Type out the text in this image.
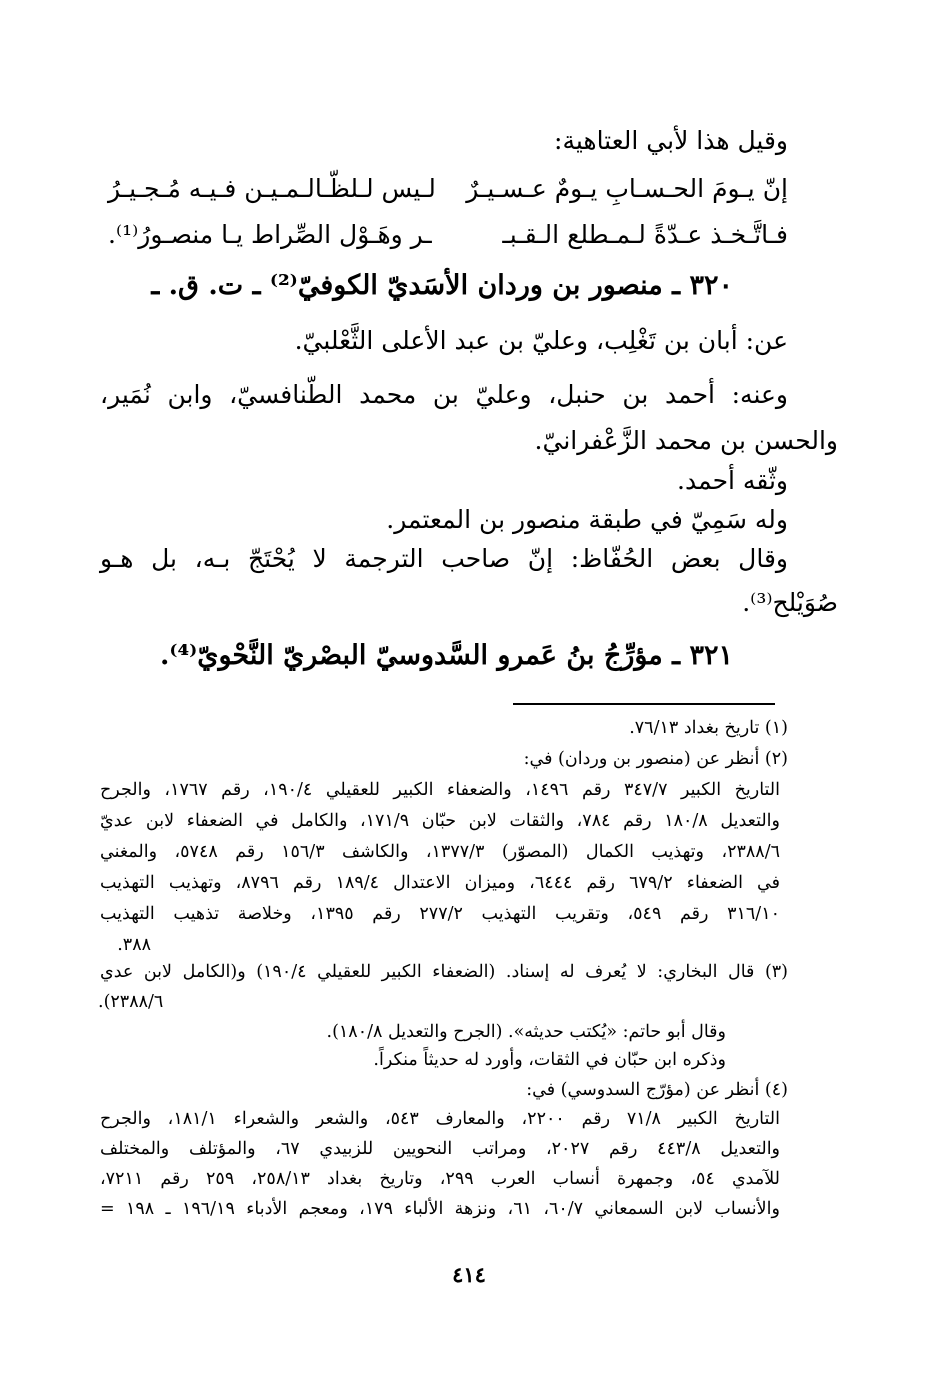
وقيل هذا لأبي العتاهية:
إنّ يـومَ الحـسـابِ يـومٌ عـسـيـرٌ
لـيس لـلظّـالـمـيـن فـيـه مُـجـيـرُ
فـاتَّـخـذ عـدّةً لـمـطلع الـقـبـ
ـر وهَـوْل الصِّراط يـا منصـورُ⁽¹⁾.
٣٢٠ ـ منصور بن وردان الأسَديّ الكوفيّ⁽²⁾ ـ ت. ق. ـ
عن: أبان بن تَغْلِب، وعليّ بن عبد الأعلى الثَّعْلبيّ.
وعنه: أحمد بن حنبل، وعليّ بن محمد الطّنافسيّ، وابن نُمَير،
والحسن بن محمد الزَّعْفرانيّ.
وثّقه أحمد.
وله سَمِيّ في طبقة منصور بن المعتمر.
وقال بعض الحُفّاظ: إنّ صاحب الترجمة لا يُحْتَجّ بـه، بل هـو
صُوَيْلح⁽³⁾.
٣٢١ ـ مؤرِّجُ بنُ عَمرو السَّدوسيّ البصْريّ النَّحْويّ⁽⁴⁾.
(١) تاريخ بغداد ٧٦/١٣.
(٢) أنظر عن (منصور بن وردان) في:
التاريخ الكبير ٣٤٧/٧ رقم ١٤٩٦، والضعفاء الكبير للعقيلي ١٩٠/٤، رقم ١٧٦٧، والجرح
والتعديل ١٨٠/٨ رقم ٧٨٤، والثقات لابن حبّان ١٧١/٩، والكامل في الضعفاء لابن عديّ
٢٣٨٨/٦، وتهذيب الكمال (المصوّر) ١٣٧٧/٣، والكاشف ١٥٦/٣ رقم ٥٧٤٨، والمغني
في الضعفاء ٦٧٩/٢ رقم ٦٤٤٤، وميزان الاعتدال ١٨٩/٤ رقم ٨٧٩٦، وتهذيب التهذيب
٣١٦/١٠ رقم ٥٤٩، وتقريب التهذيب ٢٧٧/٢ رقم ١٣٩٥، وخلاصة تذهيب التهذيب
٣٨٨.
(٣) قال البخاري: لا يُعرف له إسناد. (الضعفاء الكبير للعقيلي ١٩٠/٤) و(الكامل لابن عدي
٢٣٨٨/٦).
وقال أبو حاتم: «يُكتب حديثه». (الجرح والتعديل ١٨٠/٨).
وذكره ابن حبّان في الثقات، وأورد له حديثاً منكراً.
(٤) أنظر عن (مؤرّج السدوسي) في:
التاريخ الكبير ٧١/٨ رقم ٢٢٠٠، والمعارف ٥٤٣، والشعر والشعراء ١٨١/١، والجرح
والتعديل ٤٤٣/٨ رقم ٢٠٢٧، ومراتب النحويين للزبيدي ٦٧، والمؤتلف والمختلف
للآمدي ٥٤، وجمهرة أنساب العرب ٢٩٩، وتاريخ بغداد ٢٥٨/١٣، ٢٥٩ رقم ٧٢١١،
والأنساب لابن السمعاني ٦٠/٧، ٦١، ونزهة الألباء ١٧٩، ومعجم الأدباء ١٩٦/١٩ ـ ١٩٨ =
٤١٤
